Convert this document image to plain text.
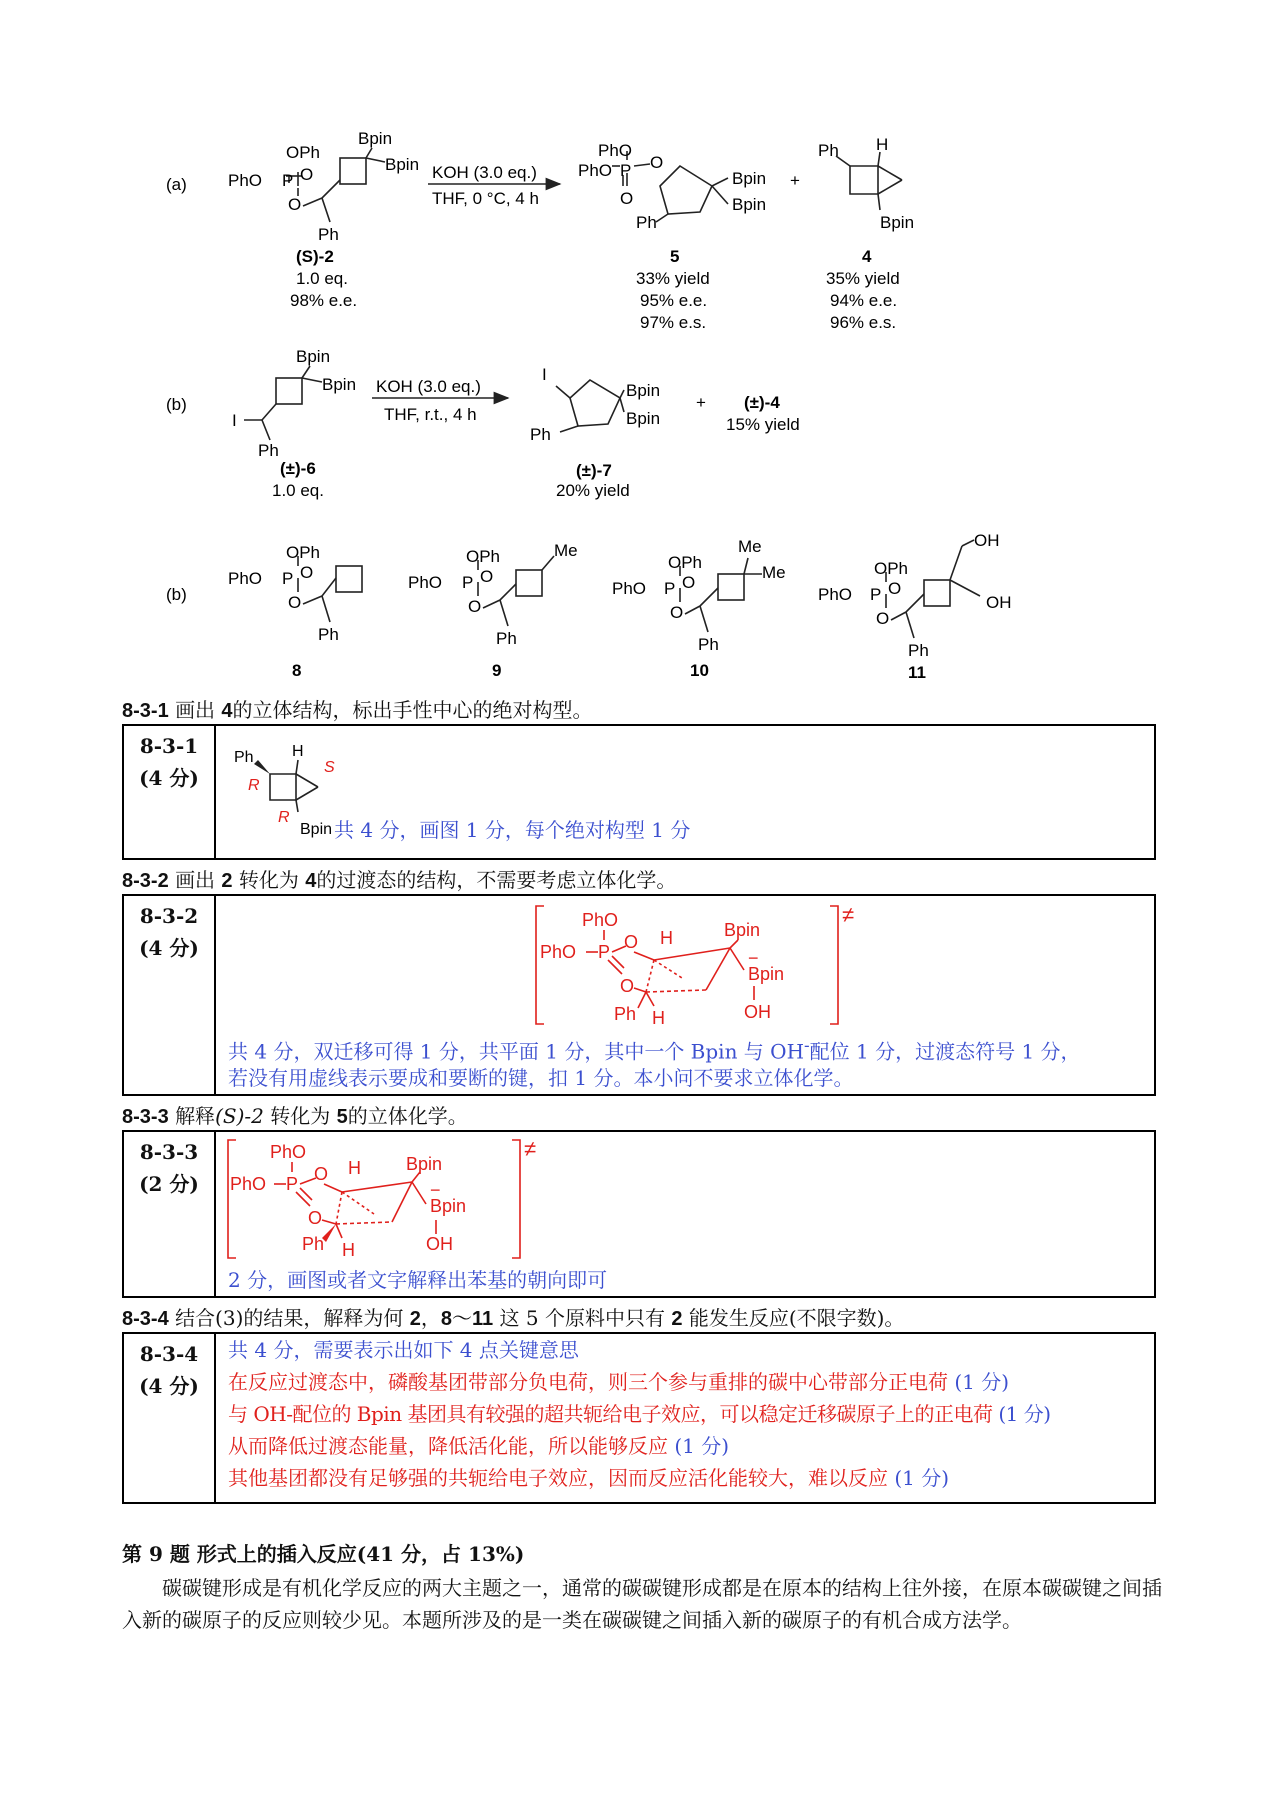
(a)
OPh
PhO P O
O
Bpin
Bpin
Ph
(S)-2
1.0 eq.
98% e.e.
KOH (3.0 eq.)
THF, 0 °C, 4 h
PhO
PhO P O
O
Bpin
Bpin
Ph
5
33% yield
95% e.e.
97% e.s.
+
Ph H
Bpin
4
35% yield
94% e.e.
96% e.s.
(b)
Bpin
Bpin
I
Ph
(±)-6
1.0 eq.
KOH (3.0 eq.)
THF, r.t., 4 h
I
Bpin
Bpin
Ph
(±)-7
20% yield
+ (±)-4
15% yield
(b)
OPh
PhO P O
O
Ph
8
OPh
PhO P O
O
Me
Ph
9
OPh
PhO P O
O
Me
Me
Ph
10
OPh
PhO P O
O
OH
OH
Ph
11
8-3-1 画出 4的立体结构，标出手性中心的绝对构型。
8-3-1
(4 分)
Ph H
S
R
R
Bpin 共 4 分，画图 1 分，每个绝对构型 1 分
8-3-2 画出 2 转化为 4的过渡态的结构，不需要考虑立体化学。
8-3-2
(4 分)
PhO
PhO P O
O
H	Bpin
−
Bpin
OH
Ph H
≠
共 4 分，双迁移可得 1 分，共平面 1 分，其中一个 Bpin 与 OH-配位 1 分，过渡态符号 1 分，
若没有用虚线表示要成和要断的键，扣 1 分。本小问不要求立体化学。
8-3-3 解释(S)-2 转化为 5的立体化学。
8-3-3
(2 分)
PhO
PhO P O
O
H	Bpin
−
Bpin
OH
Ph H
≠
2 分，画图或者文字解释出苯基的朝向即可
8-3-4 结合(3)的结果，解释为何 2，8～11 这 5 个原料中只有 2 能发生反应(不限字数)。
8-3-4
(4 分)
共 4 分，需要表示出如下 4 点关键意思
在反应过渡态中，磷酸基团带部分负电荷，则三个参与重排的碳中心带部分正电荷 (1 分)
与 OH-配位的 Bpin 基团具有较强的超共轭给电子效应，可以稳定迁移碳原子上的正电荷 (1 分)
从而降低过渡态能量，降低活化能，所以能够反应 (1 分)
其他基团都没有足够强的共轭给电子效应，因而反应活化能较大，难以反应 (1 分)
第 9 题 形式上的插入反应(41 分，占 13%)
碳碳键形成是有机化学反应的两大主题之一，通常的碳碳键形成都是在原本的结构上往外接，在原本碳碳键之间插入新的碳原子的反应则较少见。本题所涉及的是一类在碳碳键之间插入新的碳原子的有机合成方法学。
